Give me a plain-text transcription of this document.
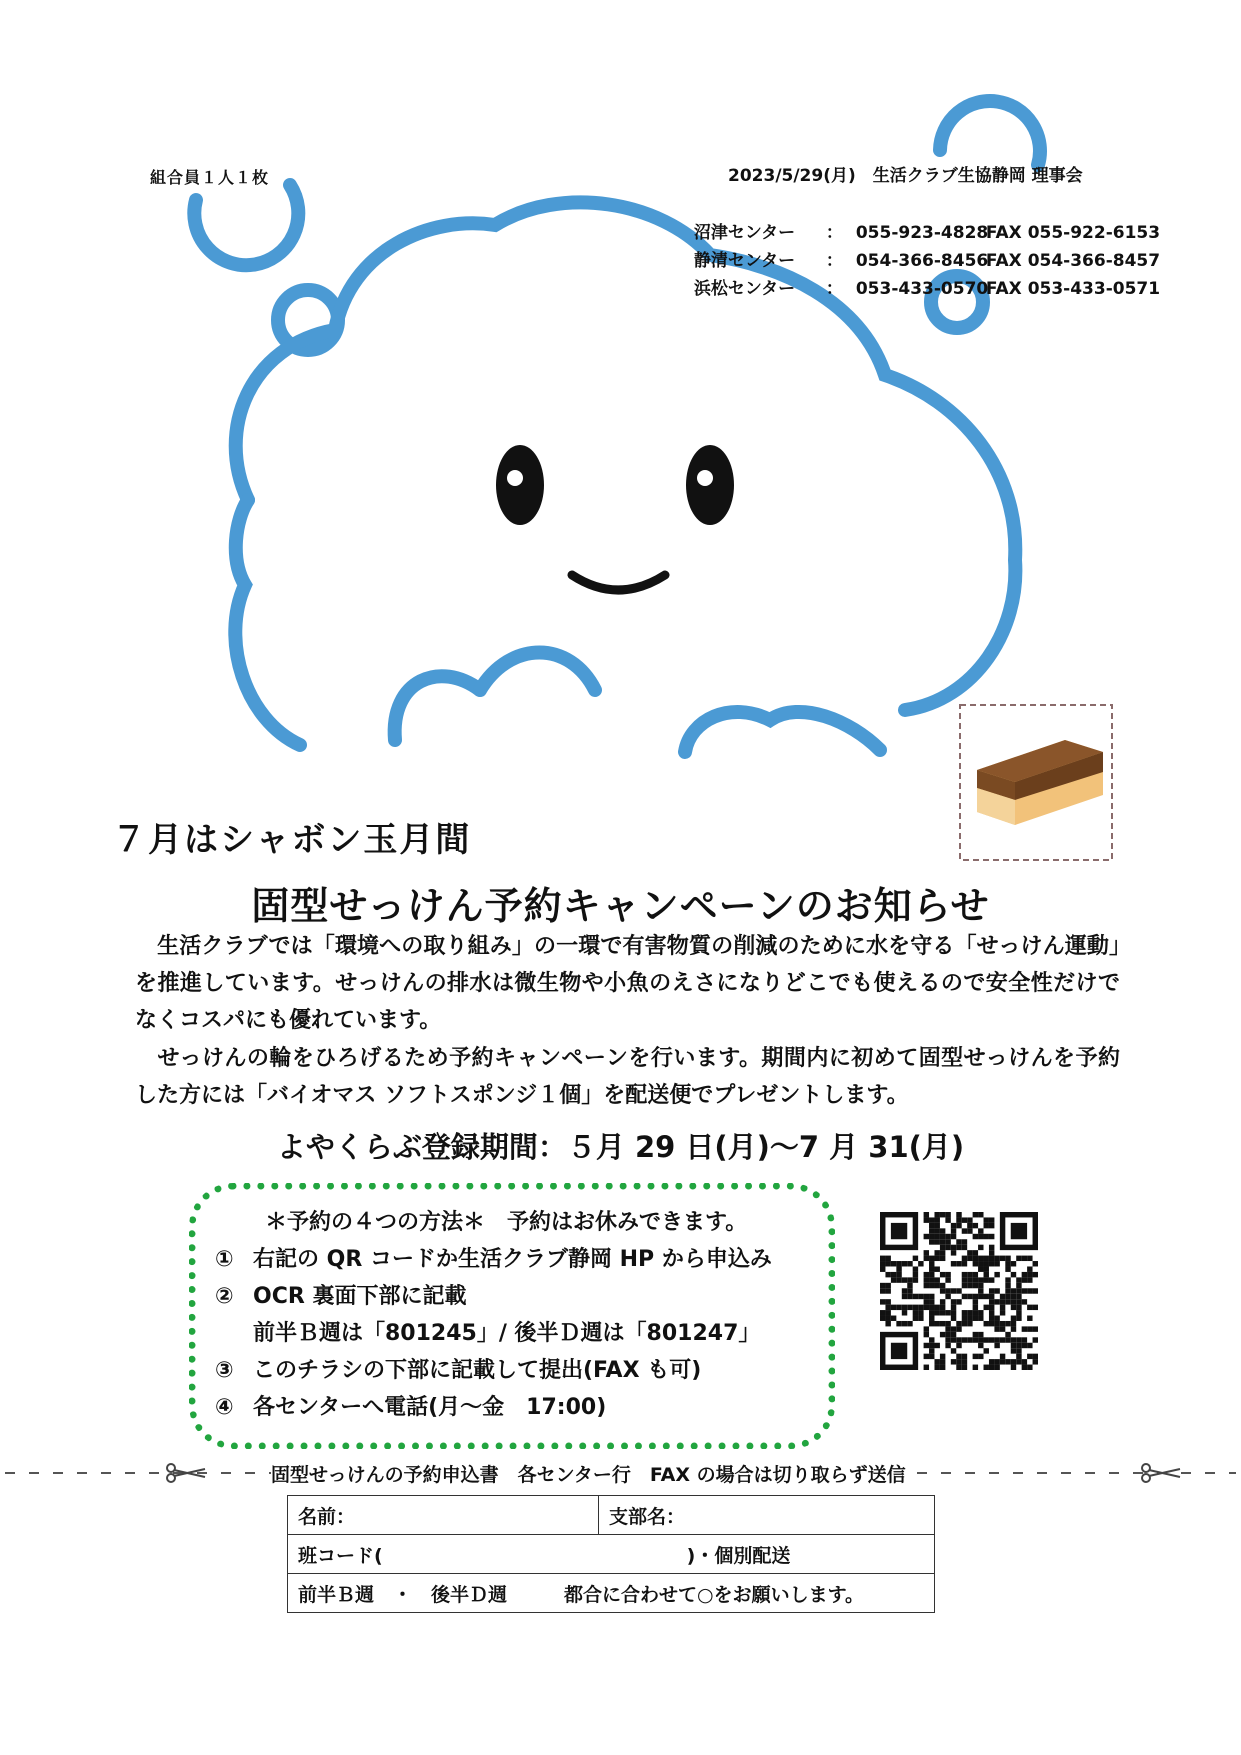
組合員１人１枚	2023/5/29(月)　生活クラブ生協静岡 理事会

沼津センター ： 055-923-4828FAX 055-922-6153

静清センター ： 054-366-8456FAX 054-366-8457

浜松センター ： 053-433-0570FAX 053-433-0571

７月はシャボン玉月間
固型せっけん予約キャンペーンのお知らせ
　生活クラブでは「環境への取り組み」の一環で有害物質の削減のために水を守る「せっけん運動」を推進しています。せっけんの排水は微生物や小魚のえさになりどこでも使えるので安全性だけでなくコスパにも優れています。
　せっけんの輪をひろげるため予約キャンペーンを行います。期間内に初めて固型せっけんを予約した方には「バイオマス ソフトスポンジ１個」を配送便でプレゼントします。
よやくらぶ登録期間：５月 29 日(月)～7 月 31(月)
＊予約の４つの方法＊　予約はお休みできます。
① 右記の QR コードか生活クラブ静岡 HP から申込み
② OCR 裏面下部に記載
前半Ｂ週は「801245」/ 後半Ｄ週は「801247」
③ このチラシの下部に記載して提出(FAX も可)
④ 各センターへ電話(月～金　17:00)
固型せっけんの予約申込書　各センター行　FAX の場合は切り取らず送信
名前：	支部名：
班コード(　　　　　　　　　　　　　　　　)・個別配送
前半Ｂ週　・　後半Ｄ週　　　都合に合わせて○をお願いします。
